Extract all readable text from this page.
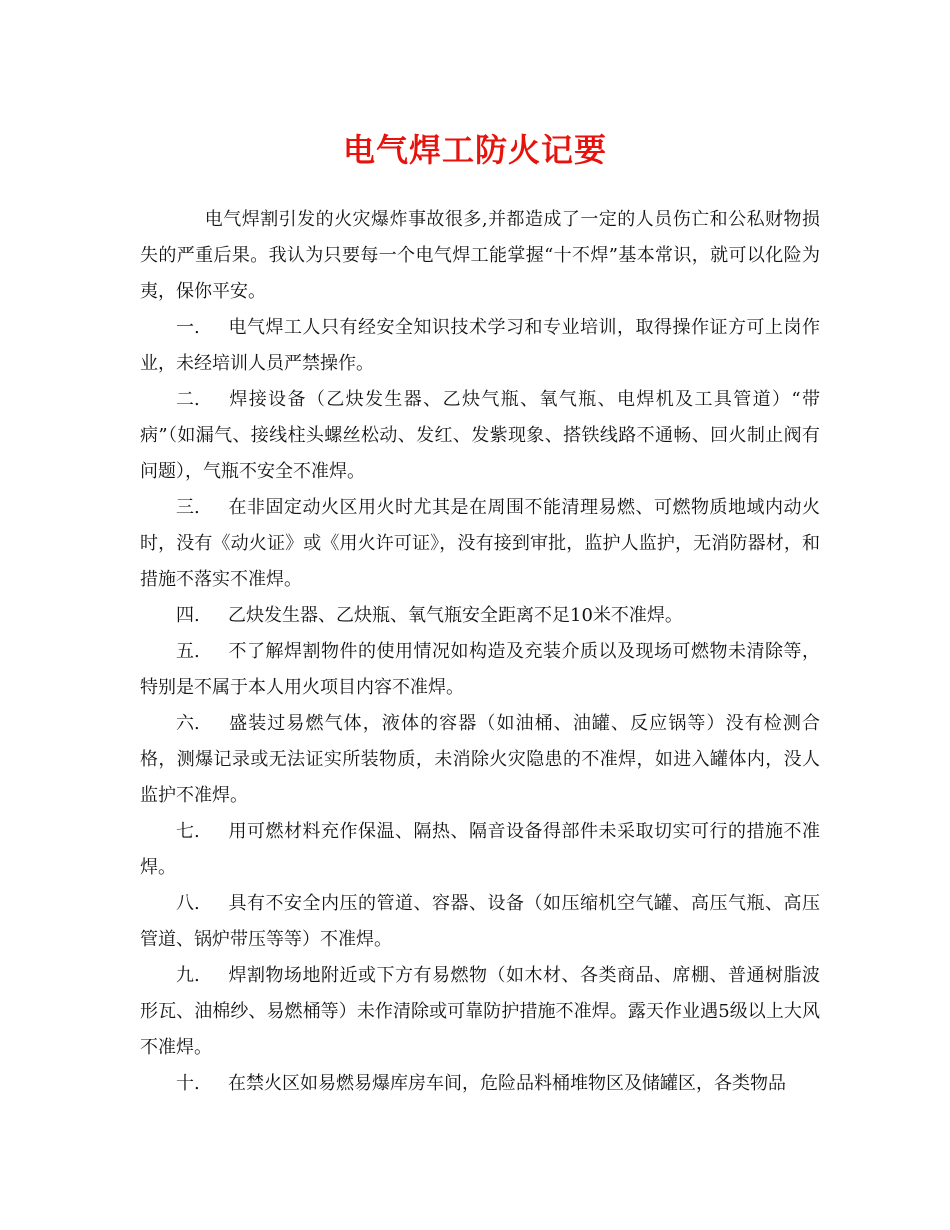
电气焊工防火记要

电气焊割引发的火灾爆炸事故很多,并都造成了一定的人员伤亡和公私财物损失的严重后果。我认为只要每一个电气焊工能掌握“十不焊”基本常识，就可以化险为夷，保你平安。

一. 电气焊工人只有经安全知识技术学习和专业培训，取得操作证方可上岗作业，未经培训人员严禁操作。

二. 焊接设备（乙炔发生器、乙炔气瓶、氧气瓶、电焊机及工具管道）“带病”（如漏气、接线柱头螺丝松动、发红、发紫现象、搭铁线路不通畅、回火制止阀有问题），气瓶不安全不准焊。

三. 在非固定动火区用火时尤其是在周围不能清理易燃、可燃物质地域内动火时，没有《动火证》或《用火许可证》，没有接到审批，监护人监护，无消防器材，和措施不落实不准焊。

四. 乙炔发生器、乙炔瓶、氧气瓶安全距离不足10米不准焊。

五. 不了解焊割物件的使用情况如构造及充装介质以及现场可燃物未清除等，特别是不属于本人用火项目内容不准焊。

六. 盛装过易燃气体，液体的容器（如油桶、油罐、反应锅等）没有检测合格，测爆记录或无法证实所装物质，未消除火灾隐患的不准焊，如进入罐体内，没人监护不准焊。

七. 用可燃材料充作保温、隔热、隔音设备得部件未采取切实可行的措施不准焊。

八. 具有不安全内压的管道、容器、设备（如压缩机空气罐、高压气瓶、高压管道、锅炉带压等等）不准焊。

九. 焊割物场地附近或下方有易燃物（如木材、各类商品、席棚、普通树脂波形瓦、油棉纱、易燃桶等）未作清除或可靠防护措施不准焊。露天作业遇5级以上大风不准焊。

十. 在禁火区如易燃易爆库房车间，危险品料桶堆物区及储罐区，各类物品
